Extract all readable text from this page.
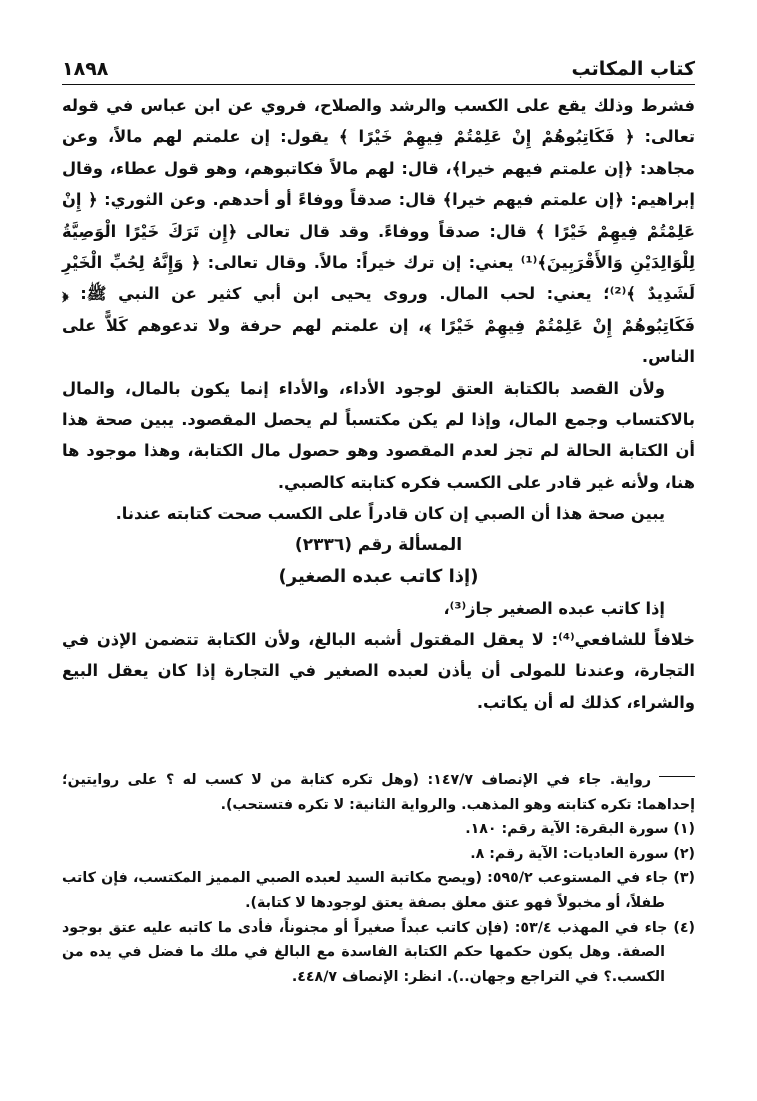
كتاب المكاتب
١٨٩٨

فشرط وذلك يقع على الكسب والرشد والصلاح، فروي عن ابن عباس في قوله تعالى: ﴿ فَكَاتِبُوهُمْ إِنْ عَلِمْتُمْ فِيهِمْ خَيْرًا ﴾ يقول: إن علمتم لهم مالاً، وعن مجاهد: ﴿إن علمتم فيهم خيرا﴾، قال: لهم مالاً فكاتبوهم، وهو قول عطاء، وقال إبراهيم: ﴿إن علمتم فيهم خيرا﴾ قال: صدقاً ووفاءً أو أحدهم. وعن الثوري: ﴿ إِنْ عَلِمْتُمْ فِيهِمْ خَيْرًا ﴾ قال: صدقاً ووفاءً. وقد قال تعالى ﴿إِن تَرَكَ خَيْرًا الْوَصِيَّةُ لِلْوَالِدَيْنِ وَالأَقْرَبِينَ﴾⁽¹⁾ يعني: إن ترك خيراً: مالاً. وقال تعالى: ﴿ وَإِنَّهُ لِحُبِّ الْخَيْرِ لَشَدِيدٌ ﴾⁽²⁾؛ يعني: لحب المال. وروى يحيى ابن أبي كثير عن النبي ﷺ: ﴿ فَكَاتِبُوهُمْ إِنْ عَلِمْتُمْ فِيهِمْ خَيْرًا ﴾، إن علمتم لهم حرفة ولا تدعوهم كَلاًّ على الناس.

ولأن القصد بالكتابة العتق لوجود الأداء، والأداء إنما يكون بالمال، والمال بالاكتساب وجمع المال، وإذا لم يكن مكتسباً لم يحصل المقصود. يبين صحة هذا أن الكتابة الحالة لم تجز لعدم المقصود وهو حصول مال الكتابة، وهذا موجود ها هنا، ولأنه غير قادر على الكسب فكره كتابته كالصبي.

يبين صحة هذا أن الصبي إن كان قادراً على الكسب صحت كتابته عندنا.

المسألة رقم (٢٣٣٦)

(إذا كاتب عبده الصغير)

إذا كاتب عبده الصغير جاز⁽³⁾،

خلافاً للشافعي⁽⁴⁾: لا يعقل المقتول أشبه البالغ، ولأن الكتابة تتضمن الإذن في التجارة، وعندنا للمولى أن يأذن لعبده الصغير في التجارة إذا كان يعقل البيع والشراء، كذلك له أن يكاتب.

رواية. جاء في الإنصاف ١٤٧/٧: (وهل تكره كتابة من لا كسب له ؟ على روايتين؛ إحداهما: تكره كتابته وهو المذهب. والرواية الثانية: لا تكره فتستحب).

(١) سورة البقرة: الآية رقم: ١٨٠.

(٢) سورة العاديات: الآية رقم: ٨.

(٣) جاء في المستوعب ٥٩٥/٢: (ويصح مكاتبة السيد لعبده الصبي المميز المكتسب، فإن كاتب طفلاً، أو مخبولاً فهو عتق معلق بصفة يعتق لوجودها لا كتابة).

(٤) جاء في المهذب ٥٣/٤: (فإن كاتب عبداً صغيراً أو مجنوناً، فأدى ما كاتبه عليه عتق بوجود الصفة. وهل يكون حكمها حكم الكتابة الفاسدة مع البالغ في ملك ما فضل في يده من الكسب.؟ في التراجع وجهان..). انظر: الإنصاف ٤٤٨/٧.
